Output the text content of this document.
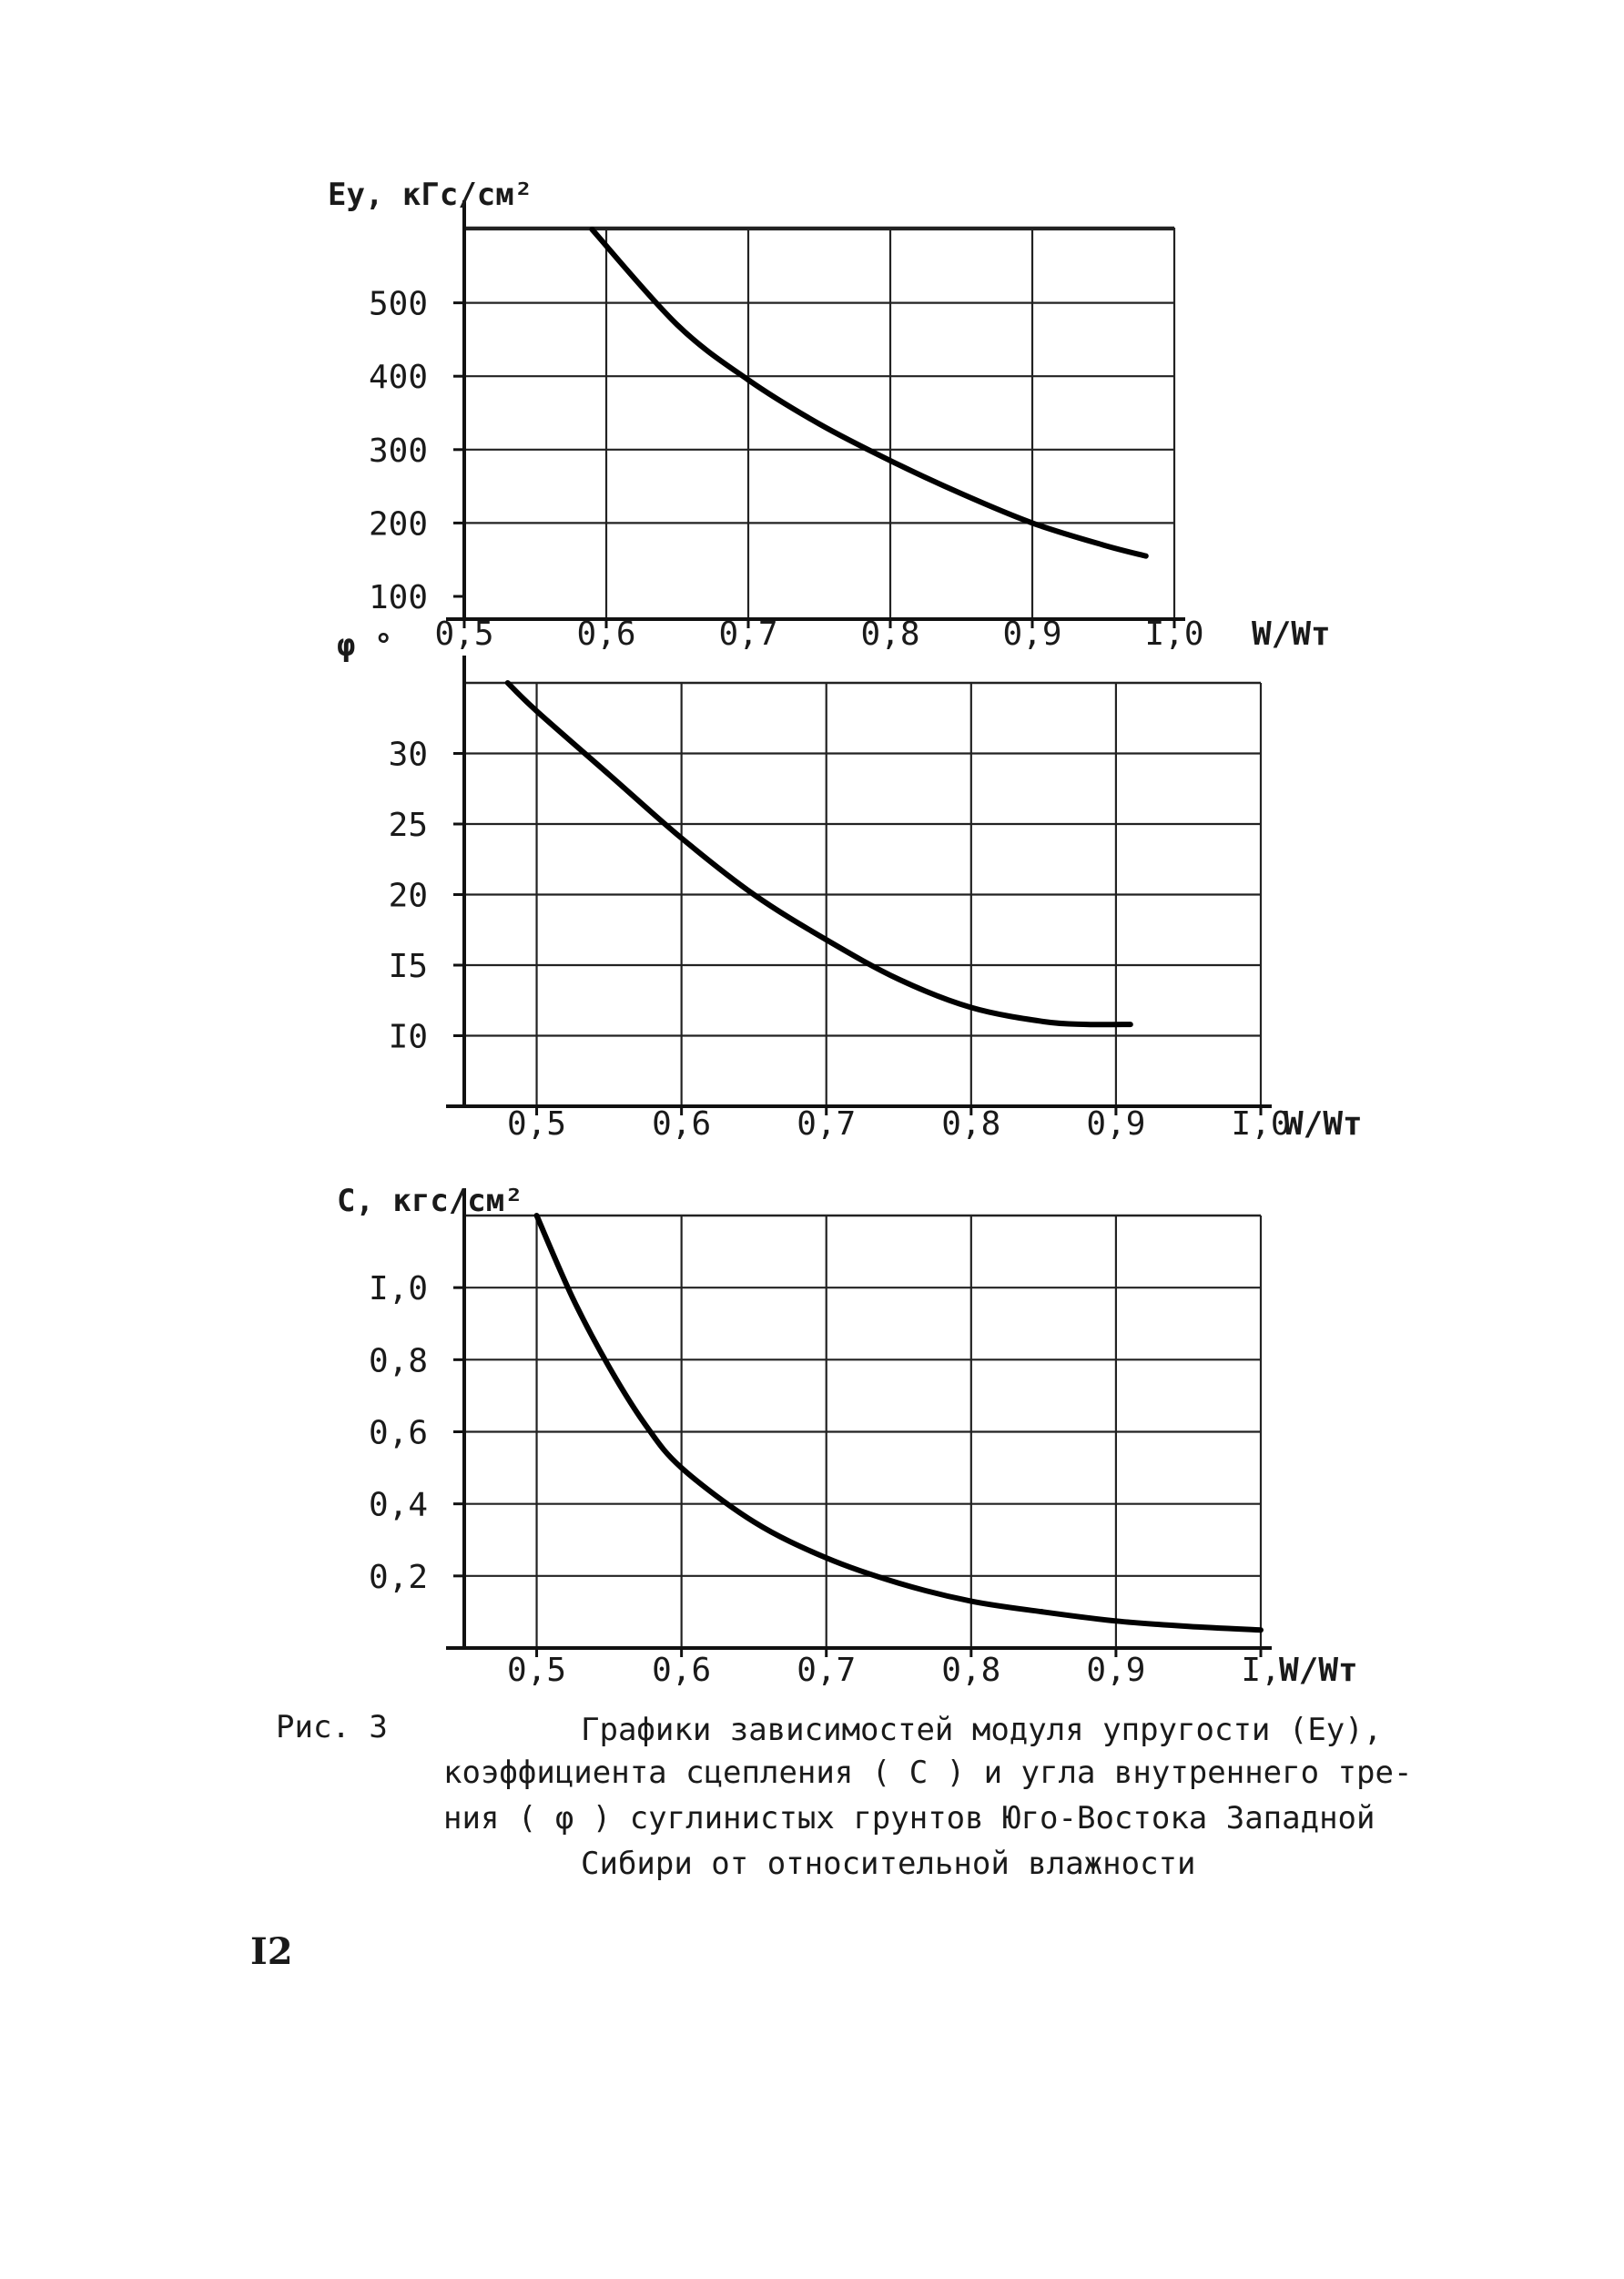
100
200
300
400
500
0,5	0,6	0,7	0,8	0,9	I,0
Eу, кГс/см²
W/Wт
I0
I5
20
25
30
0,5	0,6	0,7	0,8	0,9	I,0
φ °
W/Wт
0,2
0,4
0,6
0,8
I,0
0,5	0,6	0,7	0,8	0,9	I,
C, кгс/см²
W/Wт
Рис. 3	Графики зависимостей модуля упругости (Eу),
коэффициента сцепления ( C ) и угла внутреннего тре-
ния ( φ ) суглинистых грунтов Юго-Востока Западной
Сибири от относительной влажности
I2
